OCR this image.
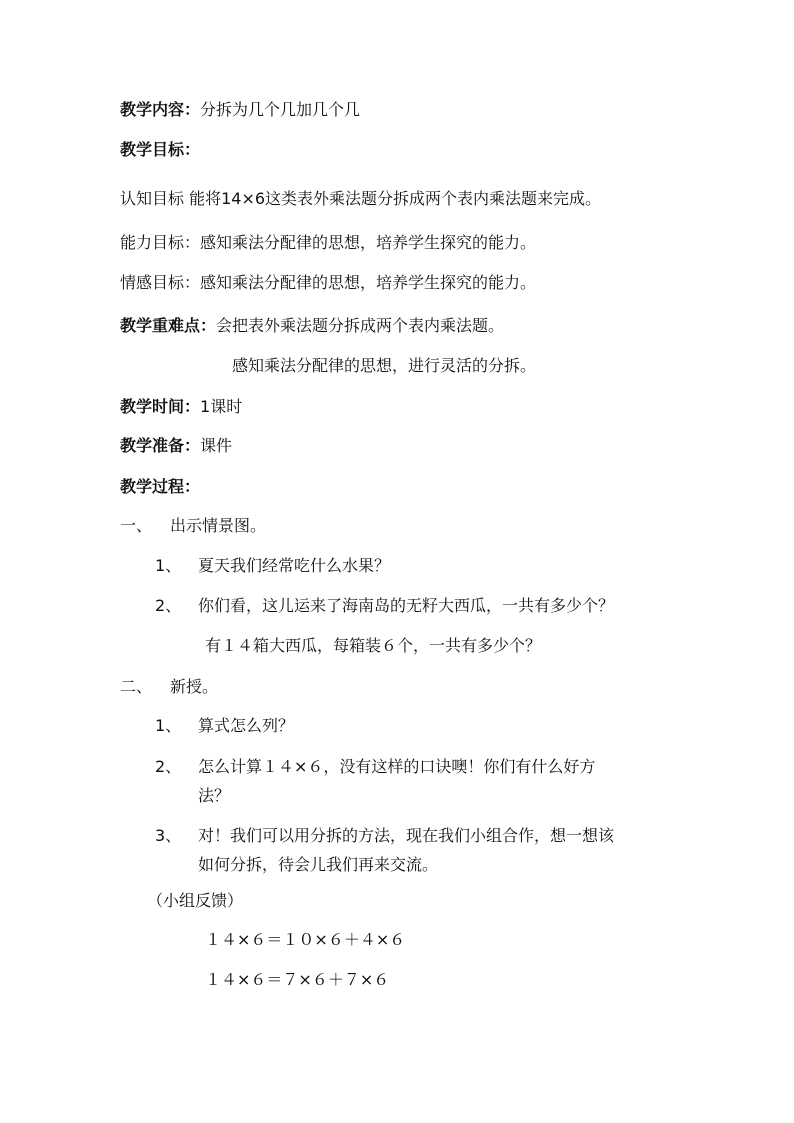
教学内容：分拆为几个几加几个几
教学目标：
认知目标 能将14×6这类表外乘法题分拆成两个表内乘法题来完成。
能力目标：感知乘法分配律的思想，培养学生探究的能力。
情感目标：感知乘法分配律的思想，培养学生探究的能力。
教学重难点：会把表外乘法题分拆成两个表内乘法题。
感知乘法分配律的思想，进行灵活的分拆。
教学时间：1课时
教学准备：课件
教学过程：
一、 出示情景图。
1、 夏天我们经常吃什么水果？
2、 你们看，这儿运来了海南岛的无籽大西瓜，一共有多少个？
有１４箱大西瓜，每箱装６个，一共有多少个？
二、 新授。
1、 算式怎么列？
2、 怎么计算１４×６，没有这样的口诀噢！你们有什么好方
法？
3、 对！我们可以用分拆的方法，现在我们小组合作，想一想该
如何分拆，待会儿我们再来交流。
（小组反馈）
１４×６＝１０×６＋４×６
１４×６＝７×６＋７×６
